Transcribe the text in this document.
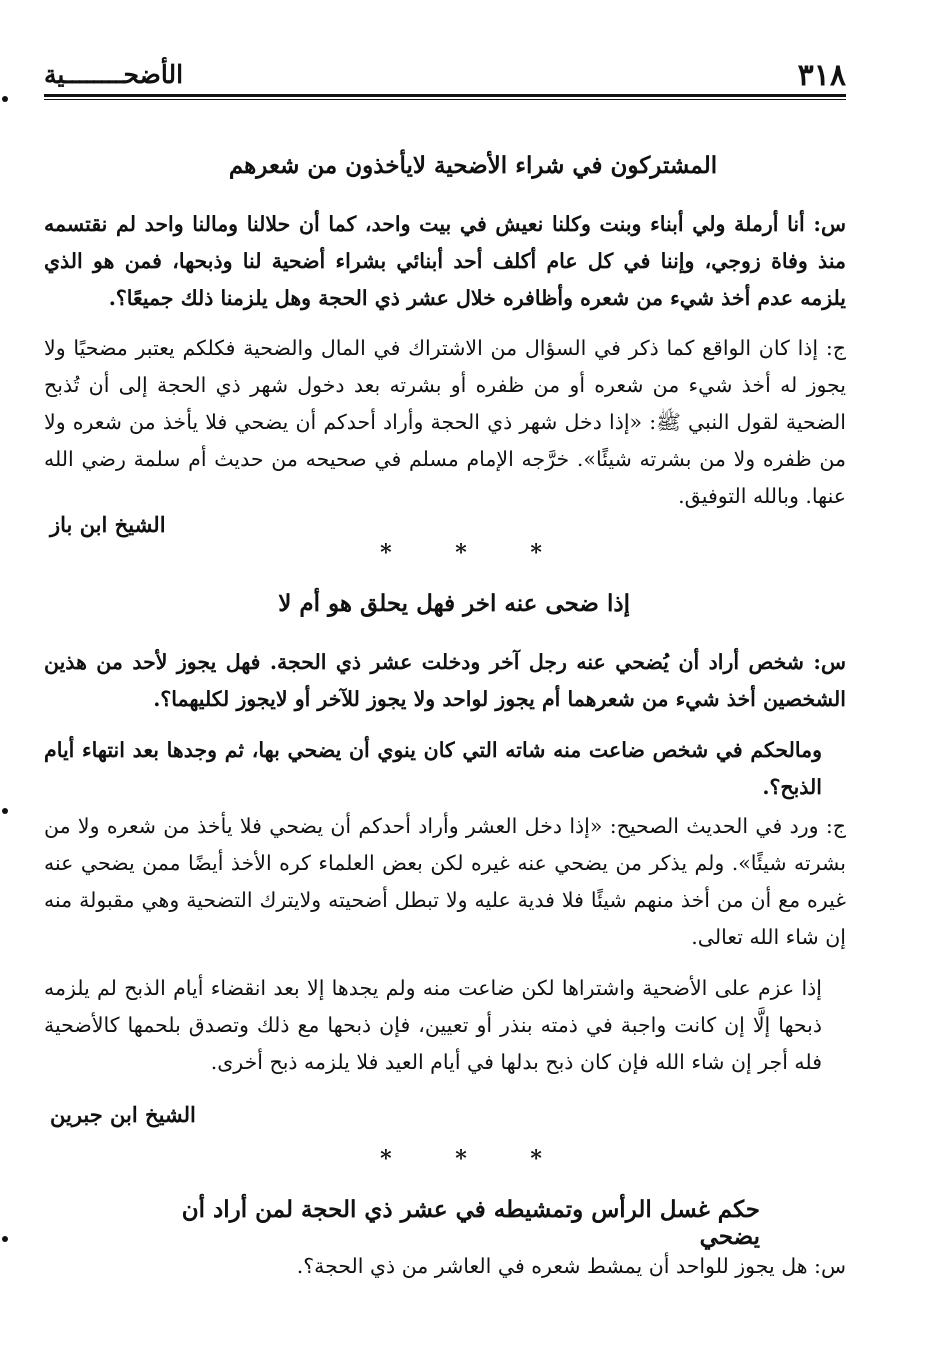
٣١٨
الأضحــــــــية
المشتركون في شراء الأضحية لايأخذون من شعرهم

س: أنا أرملة ولي أبناء وبنت وكلنا نعيش في بيت واحد، كما أن حلالنا ومالنا واحد لم نقتسمه منذ وفاة زوجي، وإننا في كل عام أكلف أحد أبنائي بشراء أضحية لنا وذبحها، فمن هو الذي يلزمه عدم أخذ شيء من شعره وأظافره خلال عشر ذي الحجة وهل يلزمنا ذلك جميعًا؟.

ج: إذا كان الواقع كما ذكر في السؤال من الاشتراك في المال والضحية فكلكم يعتبر مضحيًا ولا يجوز له أخذ شيء من شعره أو من ظفره أو بشرته بعد دخول شهر ذي الحجة إلى أن تُذبح الضحية لقول النبي ﷺ: «إذا دخل شهر ذي الحجة وأراد أحدكم أن يضحي فلا يأخذ من شعره ولا من ظفره ولا من بشرته شيئًا». خرَّجه الإمام مسلم في صحيحه من حديث أم سلمة رضي الله عنها. وبالله التوفيق.

الشيخ ابن باز
* * *
إذا ضحى عنه اخر فهل يحلق هو أم لا

س: شخص أراد أن يُضحي عنه رجل آخر ودخلت عشر ذي الحجة. فهل يجوز لأحد من هذين الشخصين أخذ شيء من شعرهما أم يجوز لواحد ولا يجوز للآخر أو لايجوز لكليهما؟.

ومالحكم في شخص ضاعت منه شاته التي كان ينوي أن يضحي بها، ثم وجدها بعد انتهاء أيام الذبح؟.

ج: ورد في الحديث الصحيح: «إذا دخل العشر وأراد أحدكم أن يضحي فلا يأخذ من شعره ولا من بشرته شيئًا». ولم يذكر من يضحي عنه غيره لكن بعض العلماء كره الأخذ أيضًا ممن يضحي عنه غيره مع أن من أخذ منهم شيئًا فلا فدية عليه ولا تبطل أضحيته ولايترك التضحية وهي مقبولة منه إن شاء الله تعالى.

إذا عزم على الأضحية واشتراها لكن ضاعت منه ولم يجدها إلا بعد انقضاء أيام الذبح لم يلزمه ذبحها إلَّا إن كانت واجبة في ذمته بنذر أو تعيين، فإن ذبحها مع ذلك وتصدق بلحمها كالأضحية فله أجر إن شاء الله فإن كان ذبح بدلها في أيام العيد فلا يلزمه ذبح أخرى.

الشيخ ابن جبرين
* * *
حكم غسل الرأس وتمشيطه في عشر ذي الحجة لمن أراد أن يضحي

س: هل يجوز للواحد أن يمشط شعره في العاشر من ذي الحجة؟.
